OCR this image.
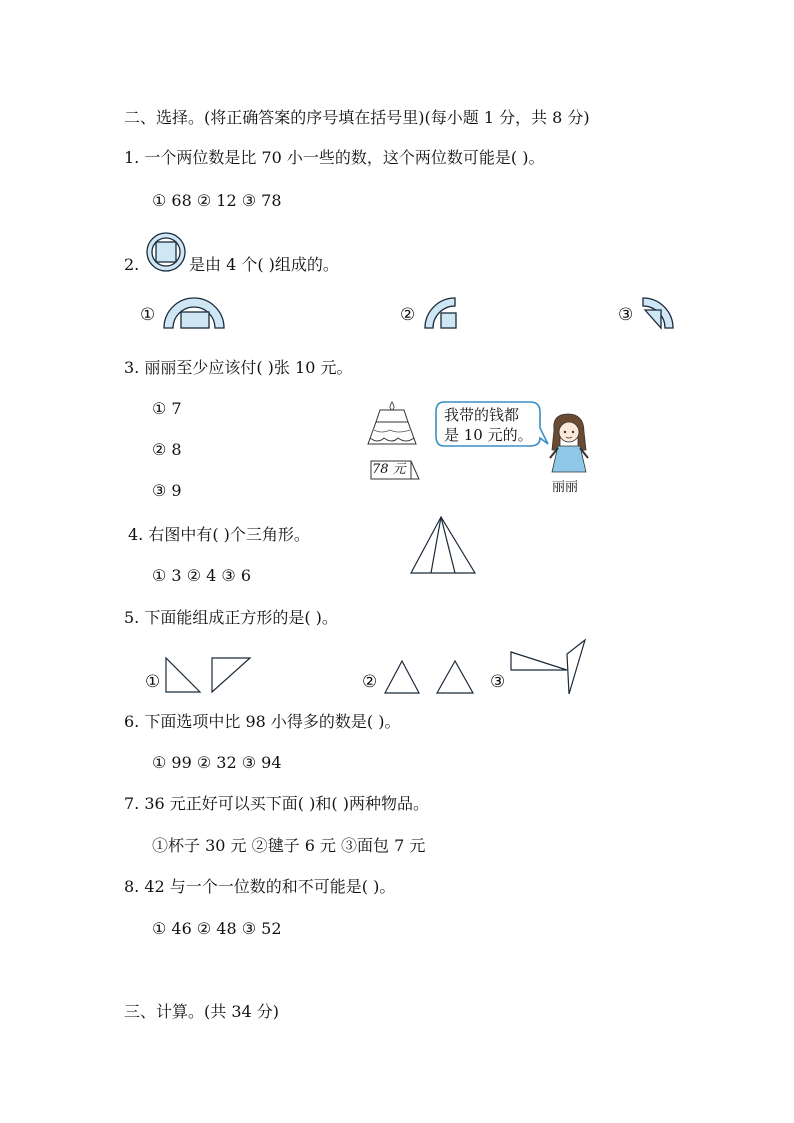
二、选择。(将正确答案的序号填在括号里)(每小题 1 分，共 8 分)
1. 一个两位数是比 70 小一些的数，这个两位数可能是( )。
① 68 ② 12 ③ 78
2.	是由 4 个( )组成的。
①	②	③
3. 丽丽至少应该付( )张 10 元。
① 7
② 8
③ 9
78 元
我带的钱都
是 10 元的。
丽丽
4. 右图中有( )个三角形。
① 3 ② 4 ③ 6
5. 下面能组成正方形的是( )。
①	②	③
6. 下面选项中比 98 小得多的数是( )。
① 99 ② 32 ③ 94
7. 36 元正好可以买下面( )和( )两种物品。
①杯子 30 元 ②毽子 6 元 ③面包 7 元
8. 42 与一个一位数的和不可能是( )。
① 46 ② 48 ③ 52
三、计算。(共 34 分)
